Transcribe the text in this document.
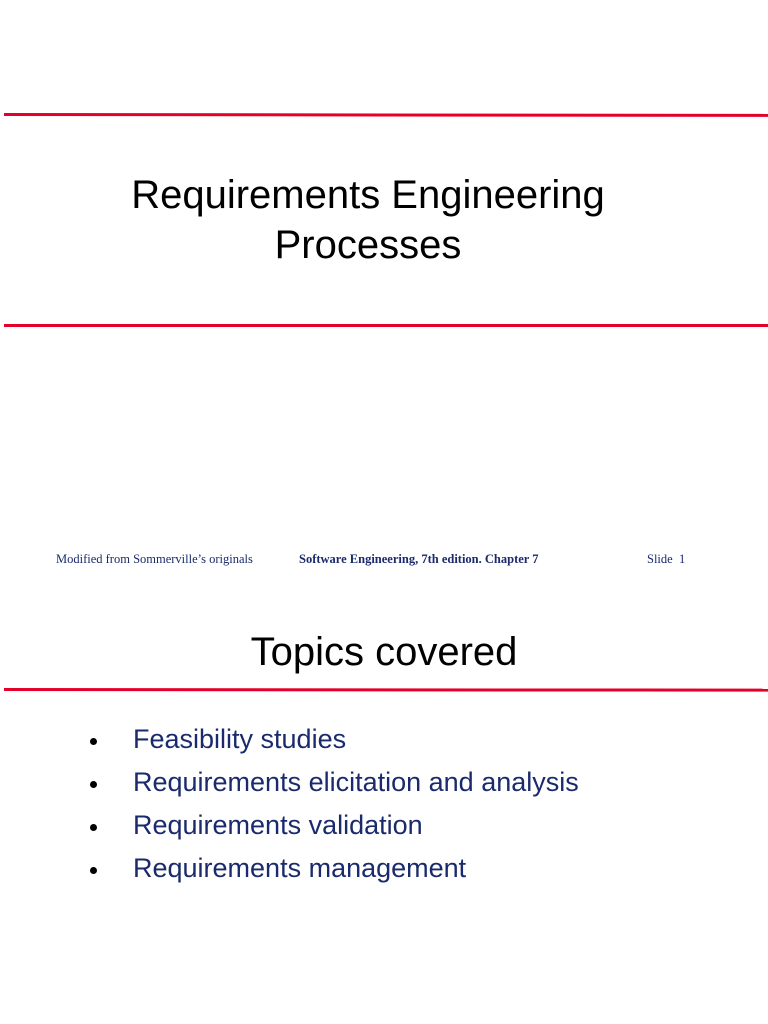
Requirements Engineering
Processes
Modified from Sommerville’s originals	Software Engineering, 7th edition. Chapter 7	Slide  1
Topics covered
Feasibility studies
Requirements elicitation and analysis
Requirements validation
Requirements management
